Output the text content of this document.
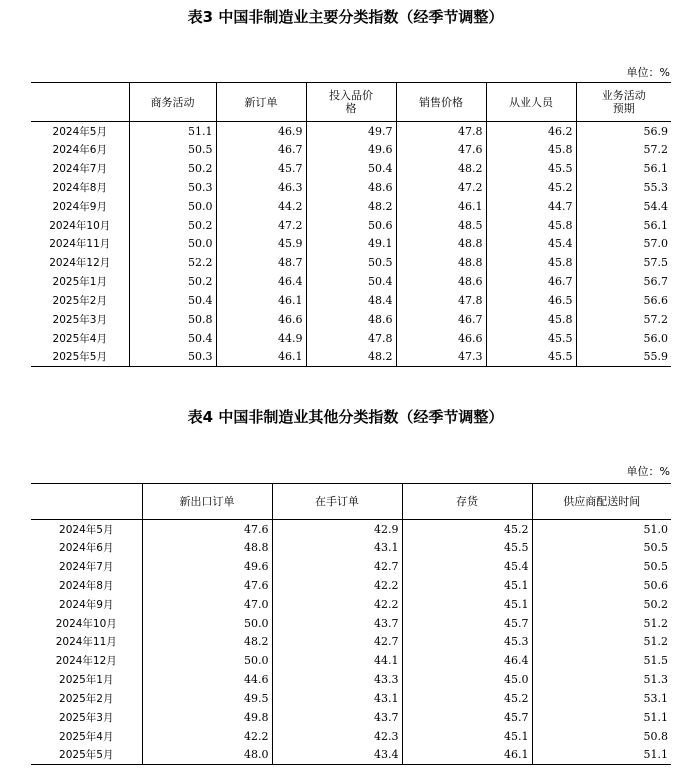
表3 中国非制造业主要分类指数（经季节调整）
单位：%
	商务活动	新订单	投入品价格	销售价格	从业人员	业务活动预期
2024年5月	51.1	46.9	49.7	47.8	46.2	56.9
2024年6月	50.5	46.7	49.6	47.6	45.8	57.2
2024年7月	50.2	45.7	50.4	48.2	45.5	56.1
2024年8月	50.3	46.3	48.6	47.2	45.2	55.3
2024年9月	50.0	44.2	48.2	46.1	44.7	54.4
2024年10月	50.2	47.2	50.6	48.5	45.8	56.1
2024年11月	50.0	45.9	49.1	48.8	45.4	57.0
2024年12月	52.2	48.7	50.5	48.8	45.8	57.5
2025年1月	50.2	46.4	50.4	48.6	46.7	56.7
2025年2月	50.4	46.1	48.4	47.8	46.5	56.6
2025年3月	50.8	46.6	48.6	46.7	45.8	57.2
2025年4月	50.4	44.9	47.8	46.6	45.5	56.0
2025年5月	50.3	46.1	48.2	47.3	45.5	55.9
表4 中国非制造业其他分类指数（经季节调整）
单位：%
	新出口订单	在手订单	存货	供应商配送时间
2024年5月	47.6	42.9	45.2	51.0
2024年6月	48.8	43.1	45.5	50.5
2024年7月	49.6	42.7	45.4	50.5
2024年8月	47.6	42.2	45.1	50.6
2024年9月	47.0	42.2	45.1	50.2
2024年10月	50.0	43.7	45.7	51.2
2024年11月	48.2	42.7	45.3	51.2
2024年12月	50.0	44.1	46.4	51.5
2025年1月	44.6	43.3	45.0	51.3
2025年2月	49.5	43.1	45.2	53.1
2025年3月	49.8	43.7	45.7	51.1
2025年4月	42.2	42.3	45.1	50.8
2025年5月	48.0	43.4	46.1	51.1
